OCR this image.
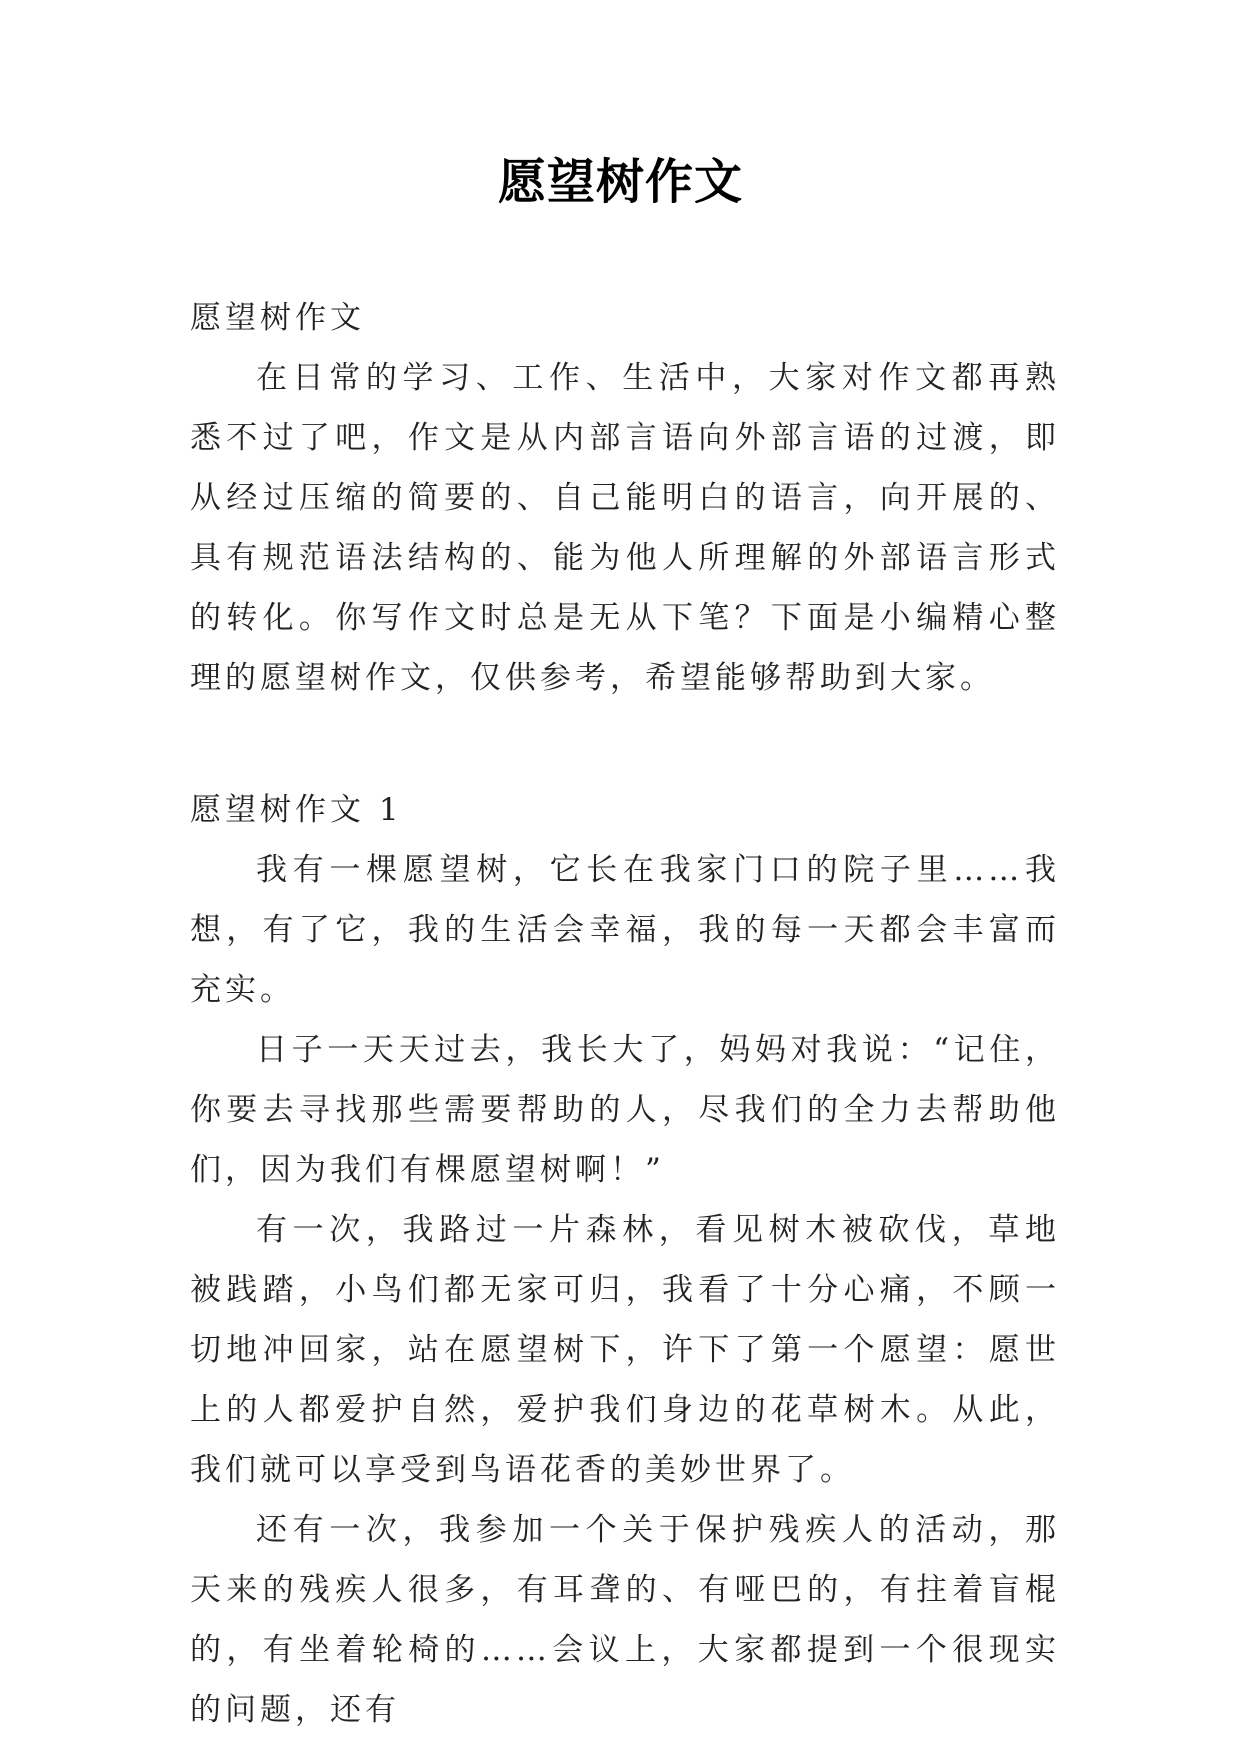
愿望树作文

愿望树作文

在日常的学习、工作、生活中，大家对作文都再熟悉不过了吧，作文是从内部言语向外部言语的过渡，即从经过压缩的简要的、自己能明白的语言，向开展的、具有规范语法结构的、能为他人所理解的外部语言形式的转化。你写作文时总是无从下笔？下面是小编精心整理的愿望树作文，仅供参考，希望能够帮助到大家。

愿望树作文 1

我有一棵愿望树，它长在我家门口的院子里……我想，有了它，我的生活会幸福，我的每一天都会丰富而充实。

日子一天天过去，我长大了，妈妈对我说：“记住，你要去寻找那些需要帮助的人，尽我们的全力去帮助他们，因为我们有棵愿望树啊！”

有一次，我路过一片森林，看见树木被砍伐，草地被践踏，小鸟们都无家可归，我看了十分心痛，不顾一切地冲回家，站在愿望树下，许下了第一个愿望：愿世上的人都爱护自然，爱护我们身边的花草树木。从此，我们就可以享受到鸟语花香的美妙世界了。

还有一次，我参加一个关于保护残疾人的活动，那天来的残疾人很多，有耳聋的、有哑巴的，有拄着盲棍的，有坐着轮椅的……会议上，大家都提到一个很现实的问题，还有
